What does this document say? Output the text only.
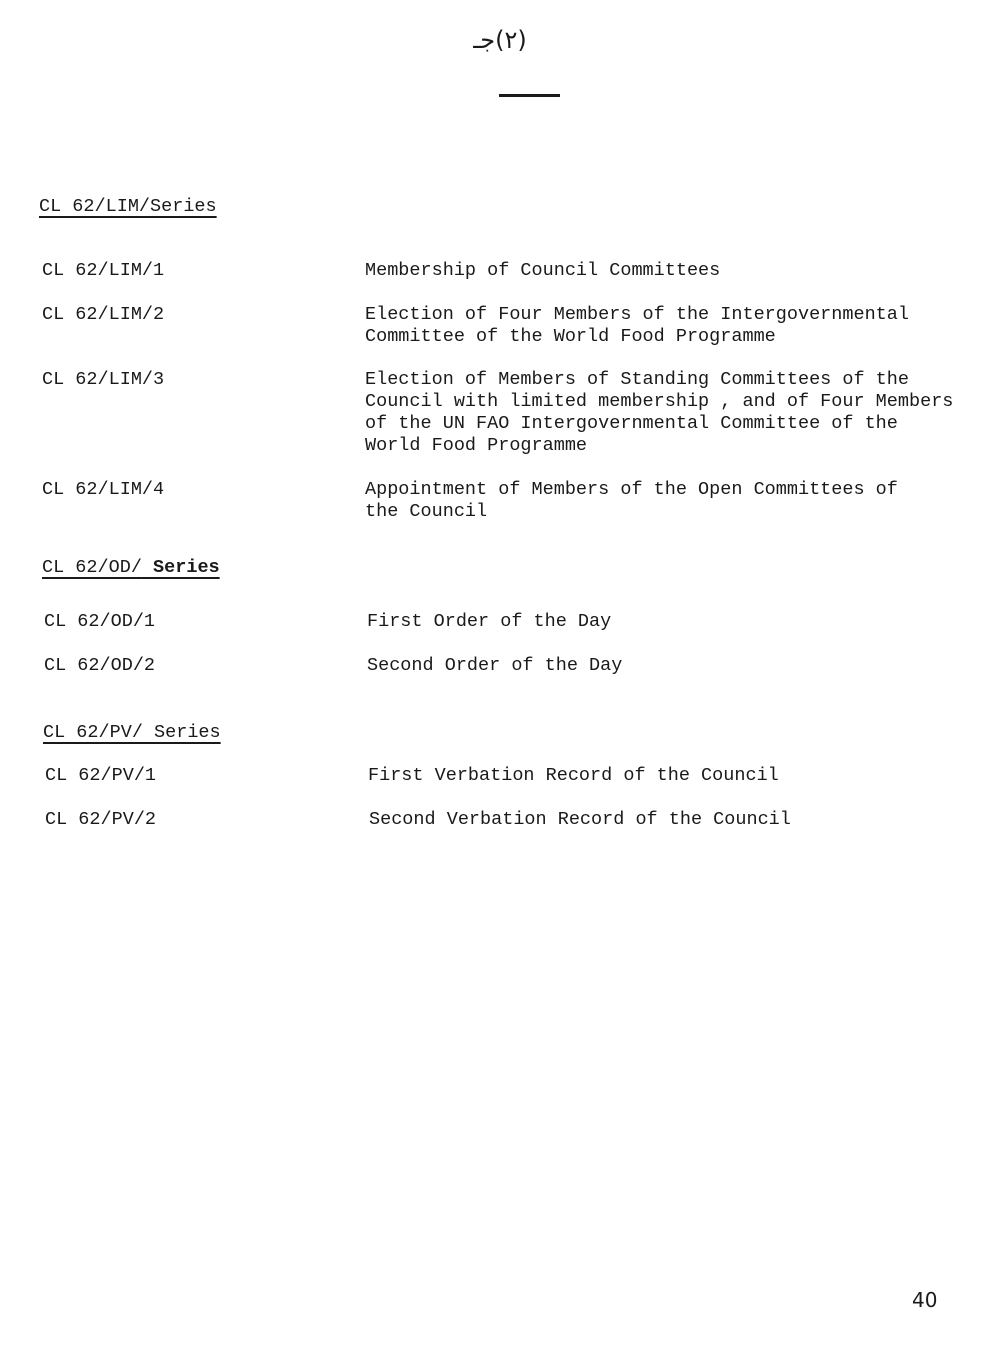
(٢)جـ
CL 62/LIM/Series
CL 62/LIM/1	Membership of Council Committees
CL 62/LIM/2	Election of Four Members of the Intergovernmental
Committee of the World Food Programme
CL 62/LIM/3	Election of Members of Standing Committees of the
Council with limited membership , and of Four Members
of the UN FAO Intergovernmental Committee of the
World Food Programme
CL 62/LIM/4	Appointment of Members of the Open Committees of
the Council
CL 62/OD/ Series
CL 62/OD/1	First Order of the Day
CL 62/OD/2	Second Order of the Day
CL 62/PV/ Series
CL 62/PV/1	First Verbation Record of the Council
CL 62/PV/2	Second Verbation Record of the Council
40
